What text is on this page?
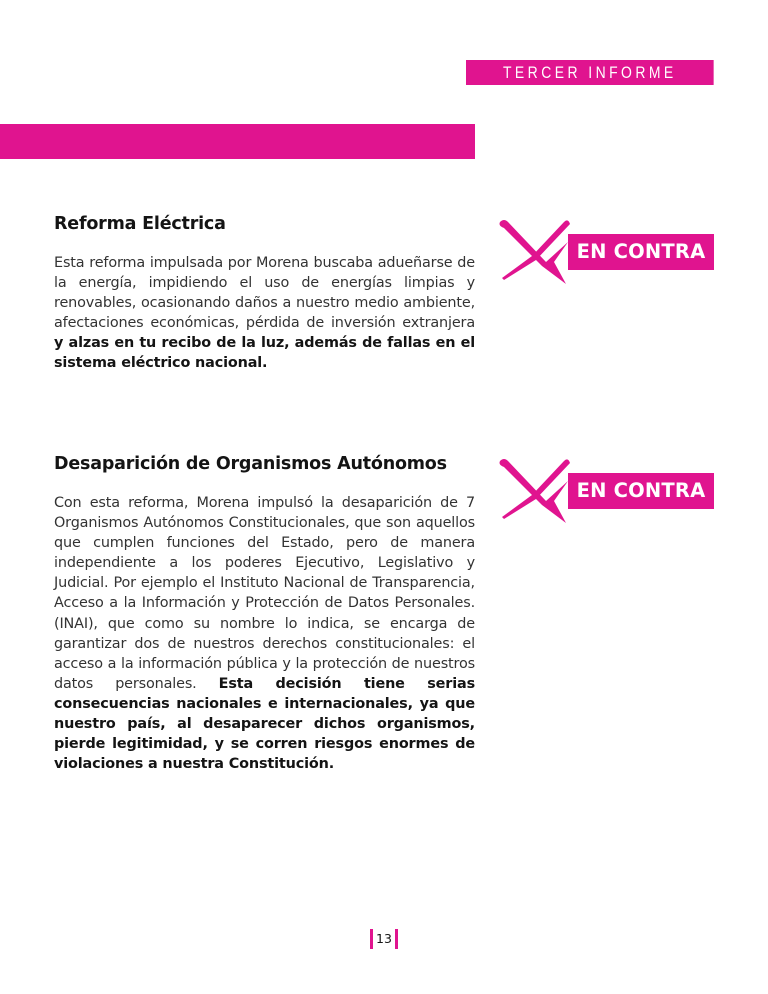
TERCER INFORME LEGISLATIVO
Reforma Eléctrica

Esta reforma impulsada por Morena buscaba adueñarse de la energía, impidiendo el uso de energías limpias y renovables, ocasionando daños a nuestro medio ambiente, afectaciones económicas, pérdida de inversión extranjera y alzas en tu recibo de la luz, además de fallas en el sistema eléctrico nacional.

EN CONTRA
Desaparición de Organismos Autónomos

Con esta reforma, Morena impulsó la desaparición de 7 Organismos Autónomos Constitucionales, que son aquellos que cumplen funciones del Estado, pero de manera independiente a los poderes Ejecutivo, Legislativo y Judicial. Por ejemplo el Instituto Nacional de Transparencia, Acceso a la Información y Protección de Datos Personales. (INAI), que como su nombre lo indica, se encarga de garantizar dos de nuestros derechos constitucionales: el acceso a la información pública y la protección de nuestros datos personales. Esta decisión tiene serias consecuencias nacionales e internacionales, ya que nuestro país, al desaparecer dichos organismos, pierde legitimidad, y se corren riesgos enormes de violaciones a nuestra Constitución.

EN CONTRA
13
